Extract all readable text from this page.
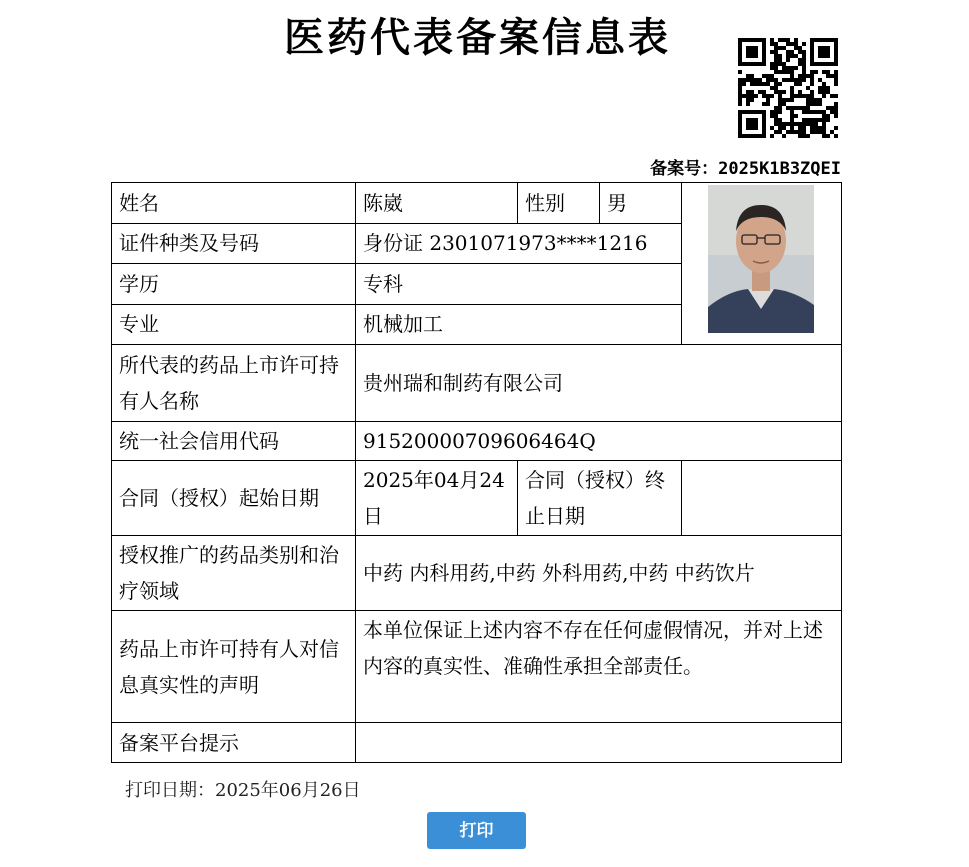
医药代表备案信息表
备案号：2025K1B3ZQEI
姓名	陈崴	性别	男	
证件种类及号码	身份证 2301071973****1216			
学历	专科			
专业	机械加工			
所代表的药品上市许可持有人名称	贵州瑞和制药有限公司			
统一社会信用代码	91520000709606464Q			
合同（授权）起始日期	2025年04月24日	合同（授权）终止日期		
授权推广的药品类别和治疗领域	中药 内科用药,中药 外科用药,中药 中药饮片			
药品上市许可持有人对信息真实性的声明	本单位保证上述内容不存在任何虚假情况，并对上述内容的真实性、准确性承担全部责任。			
备案平台提示				
打印日期：2025年06月26日
打印
